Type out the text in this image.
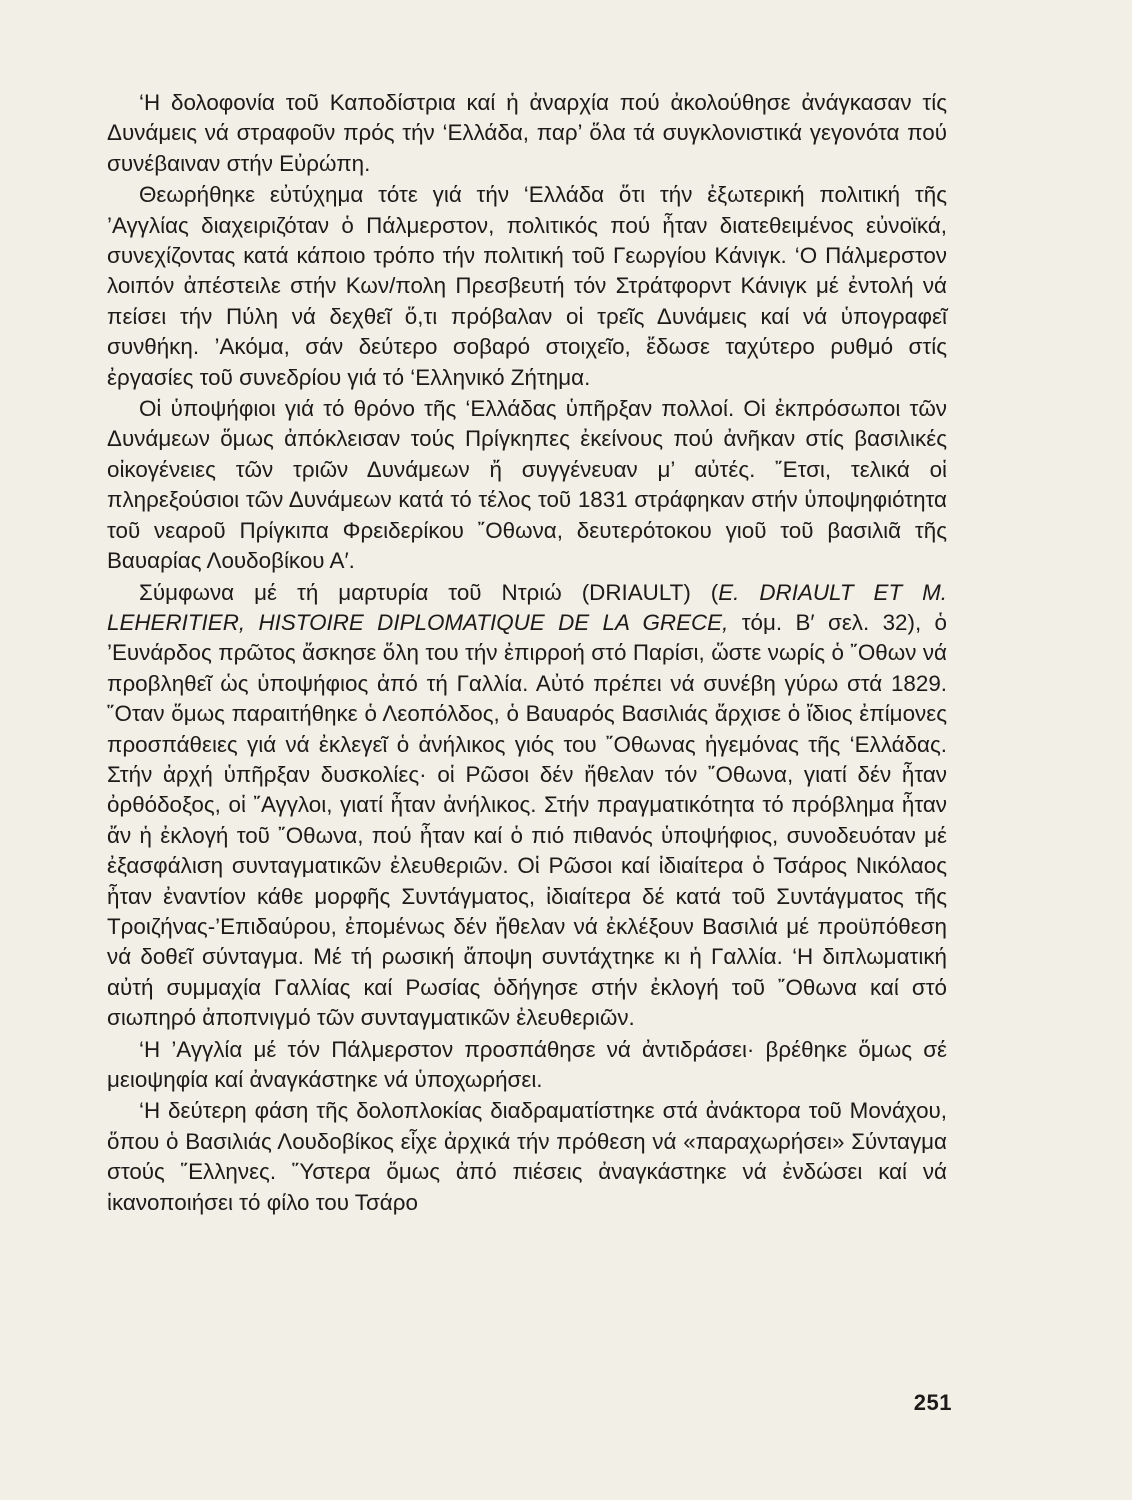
‘Η δολοφονία τοῦ Καποδίστρια καί ἡ ἀναρχία πού ἀκολούθησε ἀνάγκασαν τίς Δυνάμεις νά στραφοῦν πρός τήν ‘Ελλάδα, παρ’ ὅλα τά συγκλονιστικά γεγονότα πού συνέβαιναν στήν Εὐρώπη.

Θεωρήθηκε εὐτύχημα τότε γιά τήν ‘Ελλάδα ὅτι τήν ἐξωτερική πολιτική τῆς ’Αγγλίας διαχειριζόταν ὁ Πάλμερστον, πολιτικός πού ἦταν διατεθειμένος εὐνοϊκά, συνεχίζοντας κατά κάποιο τρόπο τήν πολιτική τοῦ Γεωργίου Κάνιγκ. ‘Ο Πάλμερστον λοιπόν ἀπέστειλε στήν Κων/πολη Πρεσβευτή τόν Στράτφορντ Κάνιγκ μέ ἐντολή νά πείσει τήν Πύλη νά δεχθεῖ ὅ,τι πρόβαλαν οἱ τρεῖς Δυνάμεις καί νά ὑπογραφεῖ συνθήκη. ’Ακόμα, σάν δεύτερο σοβαρό στοιχεῖο, ἔδωσε ταχύτερο ρυθμό στίς ἐργασίες τοῦ συνεδρίου γιά τό ‘Ελληνικό Ζήτημα.

Οἱ ὑποψήφιοι γιά τό θρόνο τῆς ‘Ελλάδας ὑπῆρξαν πολλοί. Οἱ ἐκπρόσωποι τῶν Δυνάμεων ὅμως ἀπόκλεισαν τούς Πρίγκηπες ἐκείνους πού ἀνῆκαν στίς βασιλικές οἰκογένειες τῶν τριῶν Δυνάμεων ἤ συγγένευαν μ’ αὐτές. ῎Ετσι, τελικά οἱ πληρεξούσιοι τῶν Δυνάμεων κατά τό τέλος τοῦ 1831 στράφηκαν στήν ὑποψηφιότητα τοῦ νεαροῦ Πρίγκιπα Φρειδερίκου ῎Οθωνα, δευτερότοκου γιοῦ τοῦ βασιλιᾶ τῆς Βαυαρίας Λουδοβίκου Α′.

Σύμφωνα μέ τή μαρτυρία τοῦ Ντριώ (DRIAULT) (E. DRIAULT ET M. LEHERITIER, HISTOIRE DIPLOMATIQUE DE LA GRECE, τόμ. Β′ σελ. 32), ὁ ’Ευνάρδος πρῶτος ἄσκησε ὅλη του τήν ἐπιρροή στό Παρίσι, ὥστε νωρίς ὁ ῎Οθων νά προβληθεῖ ὡς ὑποψήφιος ἀπό τή Γαλλία. Αὐτό πρέπει νά συνέβη γύρω στά 1829. ῞Οταν ὅμως παραιτήθηκε ὁ Λεοπόλδος, ὁ Βαυαρός Βασιλιάς ἄρχισε ὁ ἴδιος ἐπίμονες προσπάθειες γιά νά ἐκλεγεῖ ὁ ἀνήλικος γιός του ῎Οθωνας ἡγεμόνας τῆς ‘Ελλάδας. Στήν ἀρχή ὑπῆρξαν δυσκολίες· οἱ Ρῶσοι δέν ἤθελαν τόν ῎Οθωνα, γιατί δέν ἦταν ὀρθόδοξος, οἱ ῎Αγγλοι, γιατί ἦταν ἀνήλικος. Στήν πραγματικότητα τό πρόβλημα ἦταν ἄν ἡ ἐκλογή τοῦ ῎Οθωνα, πού ἦταν καί ὁ πιό πιθανός ὑποψήφιος, συνοδευόταν μέ ἐξασφάλιση συνταγματικῶν ἐλευθεριῶν. Οἱ Ρῶσοι καί ἰδιαίτερα ὁ Τσάρος Νικόλαος ἦταν ἐναντίον κάθε μορφῆς Συντάγματος, ἰδιαίτερα δέ κατά τοῦ Συντάγματος τῆς Τροιζήνας-’Επιδαύρου, ἐπομένως δέν ἤθελαν νά ἐκλέξουν Βασιλιά μέ προϋπόθεση νά δοθεῖ σύνταγμα. Μέ τή ρωσική ἄποψη συντάχτηκε κι ἡ Γαλλία. ‘Η διπλωματική αὐτή συμμαχία Γαλλίας καί Ρωσίας ὁδήγησε στήν ἐκλογή τοῦ ῎Οθωνα καί στό σιωπηρό ἀποπνιγμό τῶν συνταγματικῶν ἐλευθεριῶν.

‘Η ’Αγγλία μέ τόν Πάλμερστον προσπάθησε νά ἀντιδράσει· βρέθηκε ὅμως σέ μειοψηφία καί ἀναγκάστηκε νά ὑποχωρήσει.

‘Η δεύτερη φάση τῆς δολοπλοκίας διαδραματίστηκε στά ἀνάκτορα τοῦ Μονάχου, ὅπου ὁ Βασιλιάς Λουδοβίκος εἶχε ἀρχικά τήν πρόθεση νά «παραχωρήσει» Σύνταγμα στούς ῞Ελληνες. ῞Υστερα ὅμως ἀπό πιέσεις ἀναγκάστηκε νά ἐνδώσει καί νά ἱκανοποιήσει τό φίλο του Τσάρο

251
